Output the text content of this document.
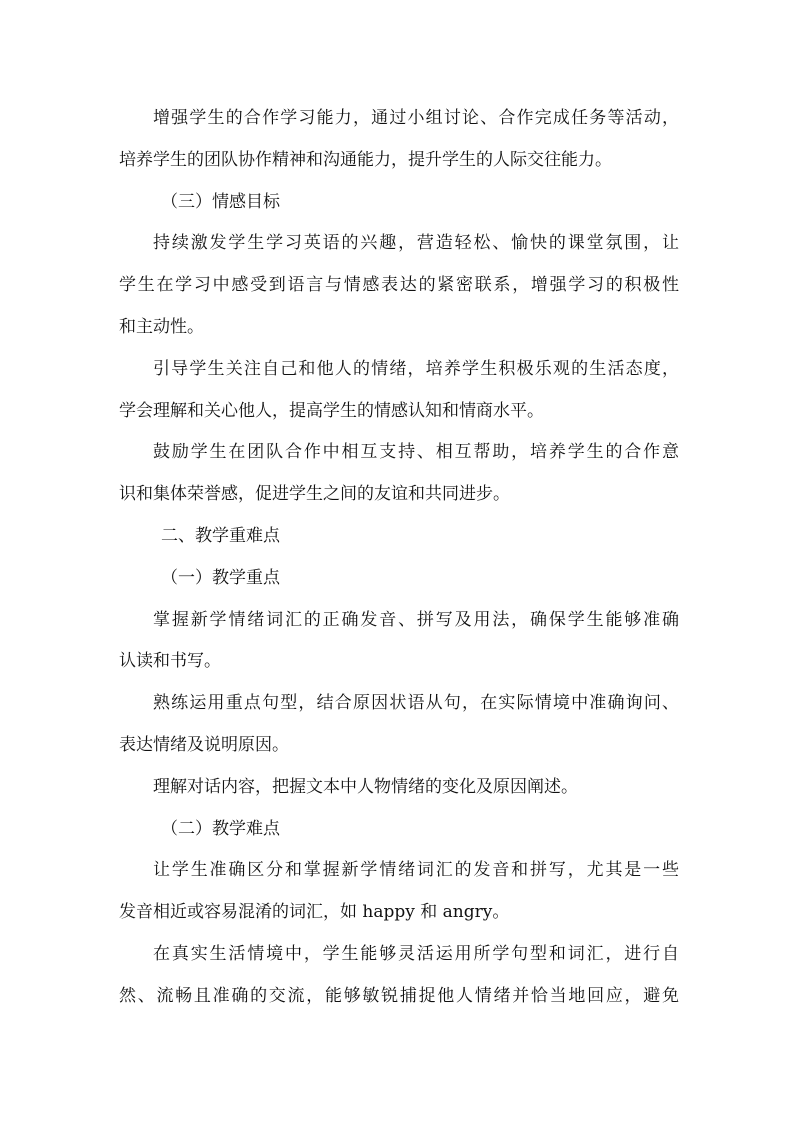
增强学生的合作学习能力，通过小组讨论、合作完成任务等活动，
培养学生的团队协作精神和沟通能力，提升学生的人际交往能力。
（三）情感目标
持续激发学生学习英语的兴趣，营造轻松、愉快的课堂氛围，让
学生在学习中感受到语言与情感表达的紧密联系，增强学习的积极性
和主动性。
引导学生关注自己和他人的情绪，培养学生积极乐观的生活态度，
学会理解和关心他人，提高学生的情感认知和情商水平。
鼓励学生在团队合作中相互支持、相互帮助，培养学生的合作意
识和集体荣誉感，促进学生之间的友谊和共同进步。
二、教学重难点
（一）教学重点
掌握新学情绪词汇的正确发音、拼写及用法，确保学生能够准确
认读和书写。
熟练运用重点句型，结合原因状语从句，在实际情境中准确询问、
表达情绪及说明原因。
理解对话内容，把握文本中人物情绪的变化及原因阐述。
（二）教学难点
让学生准确区分和掌握新学情绪词汇的发音和拼写，尤其是一些
发音相近或容易混淆的词汇，如 happy 和 angry。
在真实生活情境中，学生能够灵活运用所学句型和词汇，进行自
然、流畅且准确的交流，能够敏锐捕捉他人情绪并恰当地回应，避免
